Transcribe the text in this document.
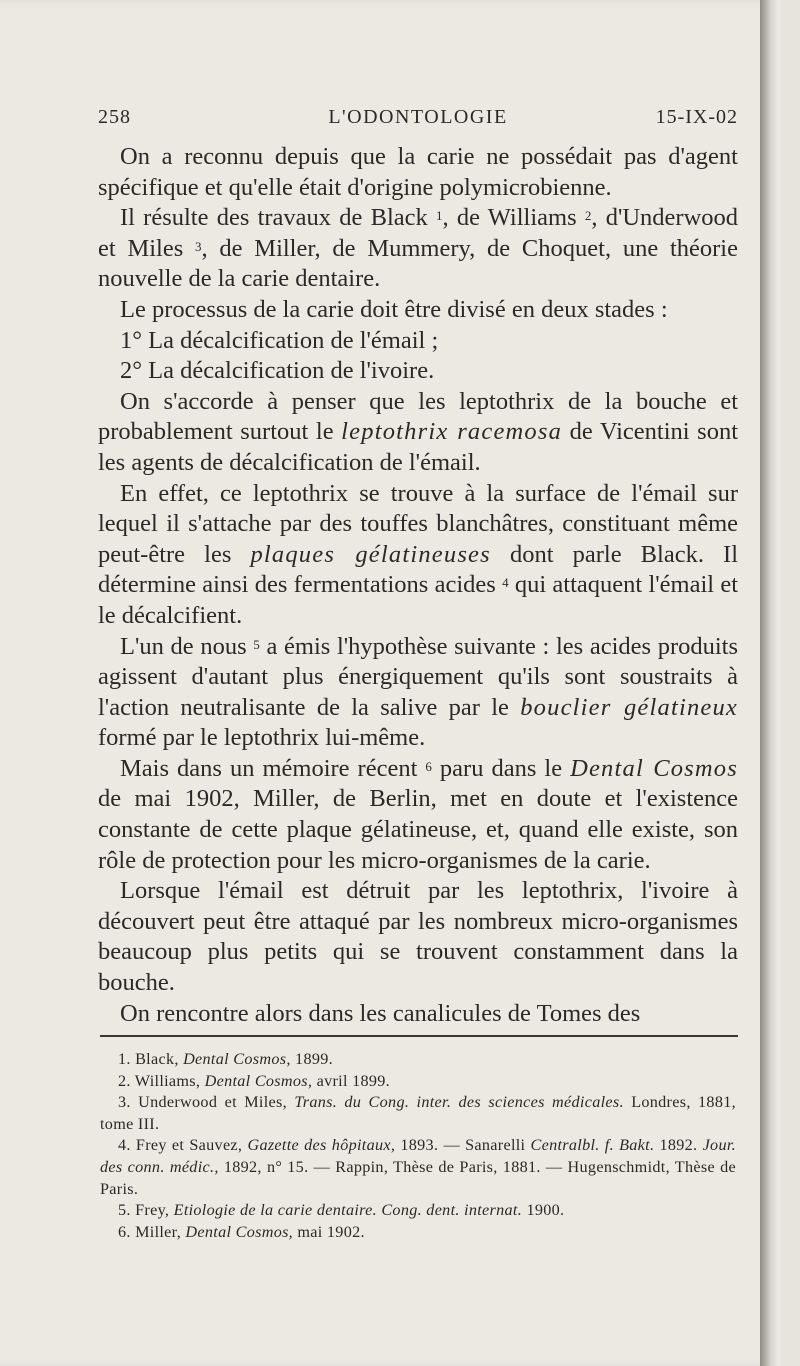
L'ODONTOLOGIE
258	15-IX-02

On a reconnu depuis que la carie ne possédait pas d'agent spécifique et qu'elle était d'origine polymicrobienne.

Il résulte des travaux de Black $^1$, de Williams $^2$, d'Underwood et Miles $^3$, de Miller, de Mummery, de Choquet, une théorie nouvelle de la carie dentaire.

Le processus de la carie doit être divisé en deux stades :

1° La décalcification de l'émail ;

2° La décalcification de l'ivoire.

On s'accorde à penser que les leptothrix de la bouche et probablement surtout le leptothrix racemosa de Vicentini sont les agents de décalcification de l'émail.

En effet, ce leptothrix se trouve à la surface de l'émail sur lequel il s'attache par des touffes blanchâtres, constituant même peut-être les plaques gélatineuses dont parle Black. Il détermine ainsi des fermentations acides $^4$ qui attaquent l'émail et le décalcifient.

L'un de nous $^5$ a émis l'hypothèse suivante : les acides produits agissent d'autant plus énergiquement qu'ils sont soustraits à l'action neutralisante de la salive par le bouclier gélatineux formé par le leptothrix lui-même.

Mais dans un mémoire récent $^6$ paru dans le Dental Cosmos de mai 1902, Miller, de Berlin, met en doute et l'existence constante de cette plaque gélatineuse, et, quand elle existe, son rôle de protection pour les micro-organismes de la carie.

Lorsque l'émail est détruit par les leptothrix, l'ivoire à découvert peut être attaqué par les nombreux micro-organismes beaucoup plus petits qui se trouvent constamment dans la bouche.

On rencontre alors dans les canalicules de Tomes des

1. Black, Dental Cosmos, 1899.

2. Williams, Dental Cosmos, avril 1899.

3. Underwood et Miles, Trans. du Cong. inter. des sciences médicales. Londres, 1881, tome III.

4. Frey et Sauvez, Gazette des hôpitaux, 1893. — Sanarelli Centralbl. f. Bakt. 1892. Jour. des conn. médic., 1892, n° 15. — Rappin, Thèse de Paris, 1881. — Hugenschmidt, Thèse de Paris.

5. Frey, Etiologie de la carie dentaire. Cong. dent. internat. 1900.

6. Miller, Dental Cosmos, mai 1902.
